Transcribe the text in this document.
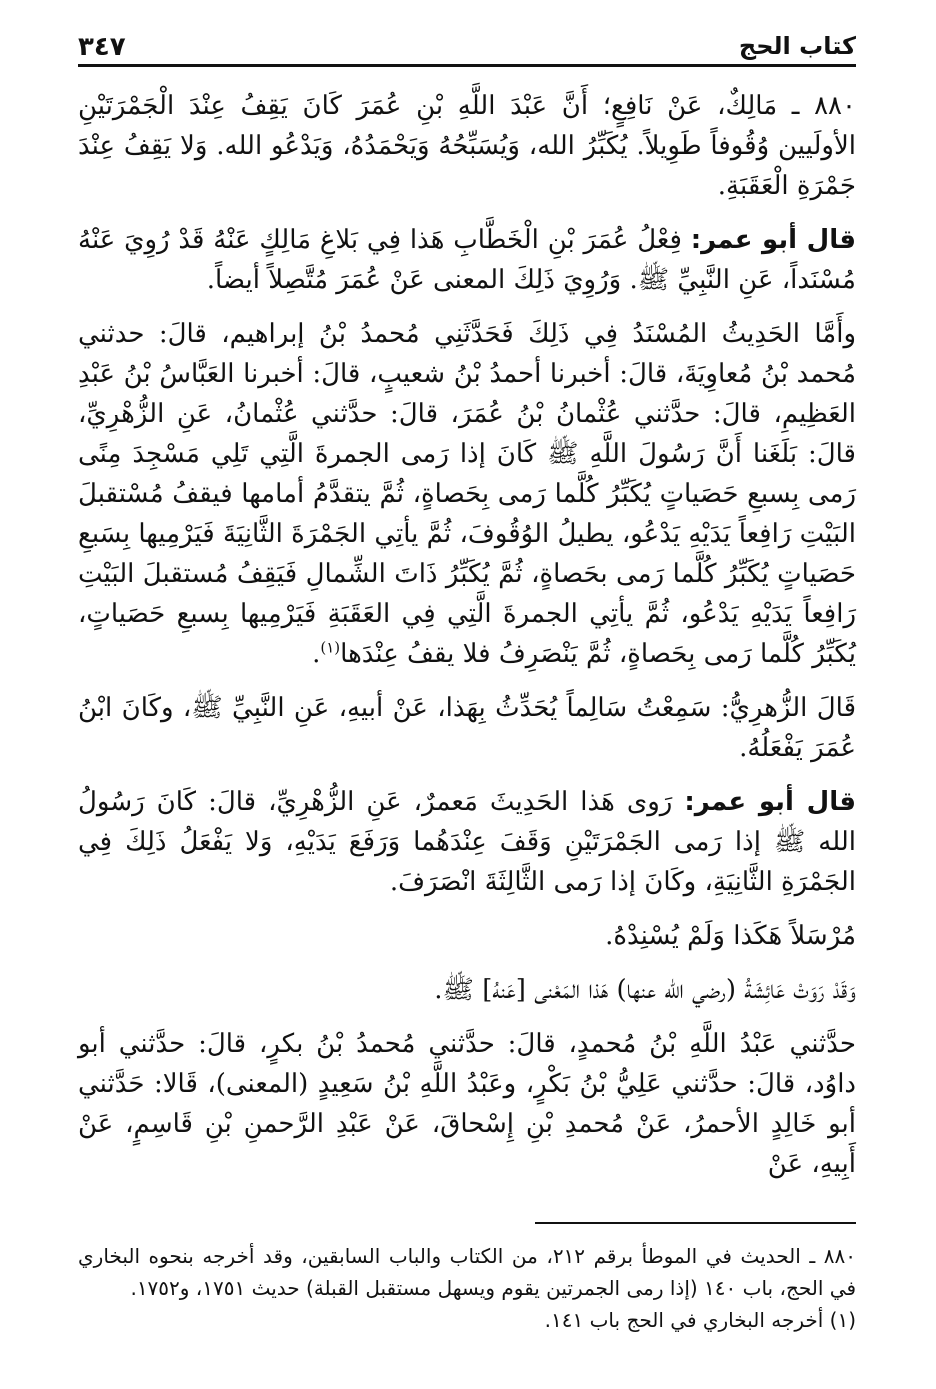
٣٤٧	كتاب الحج

٨٨٠ ـ مَالِكٌ، عَنْ نَافِعٍ؛ أَنَّ عَبْدَ اللَّهِ بْنِ عُمَرَ كَانَ يَقِفُ عِنْدَ الْجَمْرَتَيْنِ الأولَيين وُقُوفاً طَوِيلاً. يُكَبِّرُ الله، وَيُسَبِّحُهُ وَيَحْمَدُهُ، وَيَدْعُو الله. وَلا يَقِفُ عِنْدَ جَمْرَةِ الْعَقَبَةِ.

قال أبو عمر: فِعْلُ عُمَرَ بْنِ الْخَطَّابِ هَذا فِي بَلاغِ مَالِكٍ عَنْهُ قَدْ رُوِيَ عَنْهُ مُسْنَداً، عَنِ النَّبِيِّ ﷺ. وَرُوِيَ ذَلِكَ المعنى عَنْ عُمَرَ مُتَّصِلاً أيضاً.

وأَمَّا الحَدِيثُ المُسْنَدُ فِي ذَلِكَ فَحَدَّثَنِي مُحمدُ بْنُ إبراهيم، قالَ: حدثني مُحمد بْنُ مُعاوِيَةَ، قالَ: أخبرنا أحمدُ بْنُ شعيبٍ، قالَ: أخبرنا العَبَّاسُ بْنُ عَبْدِ العَظِيمِ، قالَ: حدَّثني عُثْمانُ بْنُ عُمَرَ، قالَ: حدَّثني عُثْمانُ، عَنِ الزُّهْرِيِّ، قالَ: بَلَغَنا أَنَّ رَسُولَ اللَّهِ ﷺ كَانَ إذا رَمى الجمرةَ الَّتِي تَلِي مَسْجِدَ مِنًى رَمى بِسبعِ حَصَياتٍ يُكَبِّرُ كُلَّما رَمى بِحَصاةٍ، ثُمَّ يتقدَّمُ أمامها فيقفُ مُسْتقبلَ البَيْتِ رَافِعاً يَدَيْهِ يَدْعُو، يطيلُ الوُقُوفَ، ثُمَّ يأتِي الجَمْرَةَ الثَّانِيَةَ فَيَرْمِيها بِسَبعِ حَصَياتٍ يُكَبِّرُ كُلَّما رَمى بحَصاةٍ، ثُمَّ يُكَبِّرُ ذَاتَ الشِّمالِ فَيَقِفُ مُستقبلَ البَيْتِ رَافِعاً يَدَيْهِ يَدْعُو، ثُمَّ يأتِي الجمرةَ الَّتِي فِي العَقَبَةِ فَيَرْمِيها بِسبعِ حَصَياتٍ، يُكَبِّرُ كُلَّما رَمى بِحَصاةٍ، ثُمَّ يَنْصَرِفُ فلا يقفُ عِنْدَها$^{(١)}$.

قَالَ الزُّهرِيُّ: سَمِعْتُ سَالِماً يُحَدِّثُ بِهَذا، عَنْ أبيهِ، عَنِ النَّبِيِّ ﷺ، وكَانَ ابْنُ عُمَرَ يَفْعَلُهُ.

قال أبو عمر: رَوى هَذا الحَدِيثَ مَعمرٌ، عَنِ الزُّهْرِيِّ، قالَ: كَانَ رَسُولُ الله ﷺ إذا رَمى الجَمْرَتَيْنِ وَقَفَ عِنْدَهُما وَرَفَعَ يَدَيْهِ، وَلا يَفْعَلُ ذَلِكَ فِي الجَمْرَةِ الثَّانِيَةِ، وكَانَ إذا رَمى الثَّالِثَةَ انْصَرَفَ.

مُرْسَلاً هَكَذا وَلَمْ يُسْنِدْهُ.

وَقَدْ رَوَتْ عَائِشَةُ (رضي الله عنها) هَذا المَعْنى [عَنهُ] ﷺ.

حدَّثني عَبْدُ اللَّهِ بْنُ مُحمدٍ، قالَ: حدَّثني مُحمدُ بْنُ بكرٍ، قالَ: حدَّثني أبو داوُد، قالَ: حدَّثني عَلِيُّ بْنُ بَكْرٍ، وعَبْدُ اللَّهِ بْنُ سَعِيدٍ (المعنى)، قَالا: حَدَّثني أبو خَالِدٍ الأحمرُ، عَنْ مُحمدِ بْنِ إِسْحاقَ، عَنْ عَبْدِ الرَّحمنِ بْنِ قَاسِمٍ، عَنْ أَبِيهِ، عَنْ

٨٨٠ ـ الحديث في الموطأ برقم ٢١٢، من الكتاب والباب السابقين، وقد أخرجه بنحوه البخاري في الحج، باب ١٤٠ (إذا رمى الجمرتين يقوم ويسهل مستقبل القبلة) حديث ١٧٥١، و١٧٥٢.

(١) أخرجه البخاري في الحج باب ١٤١.
